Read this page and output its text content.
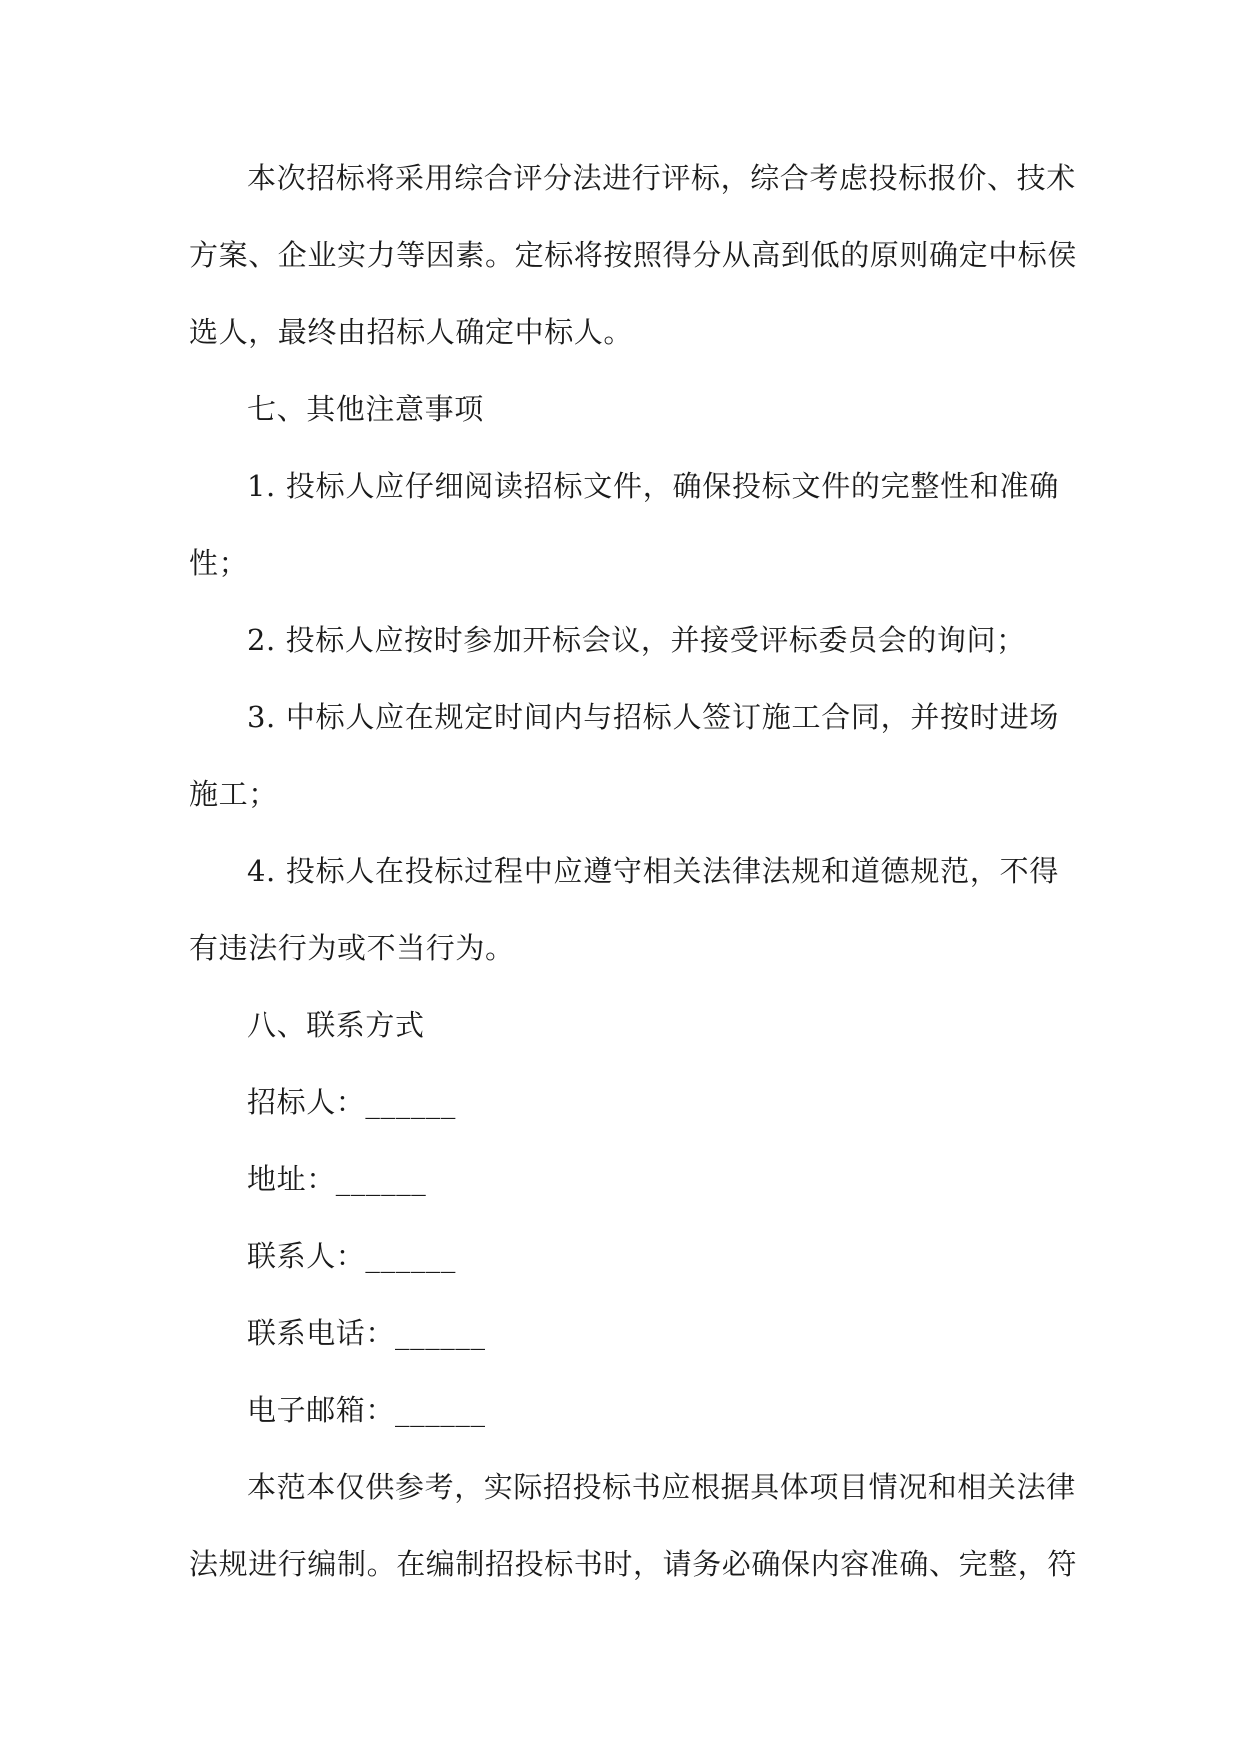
本次招标将采用综合评分法进行评标，综合考虑投标报价、技术
方案、企业实力等因素。定标将按照得分从高到低的原则确定中标侯
选人，最终由招标人确定中标人。
七、其他注意事项
1. 投标人应仔细阅读招标文件，确保投标文件的完整性和准确
性；
2. 投标人应按时参加开标会议，并接受评标委员会的询问；
3. 中标人应在规定时间内与招标人签订施工合同，并按时进场
施工；
4. 投标人在投标过程中应遵守相关法律法规和道德规范，不得
有违法行为或不当行为。
八、联系方式
招标人：______
地址：______
联系人：______
联系电话：______
电子邮箱：______
本范本仅供参考，实际招投标书应根据具体项目情况和相关法律
法规进行编制。在编制招投标书时，请务必确保内容准确、完整，符
